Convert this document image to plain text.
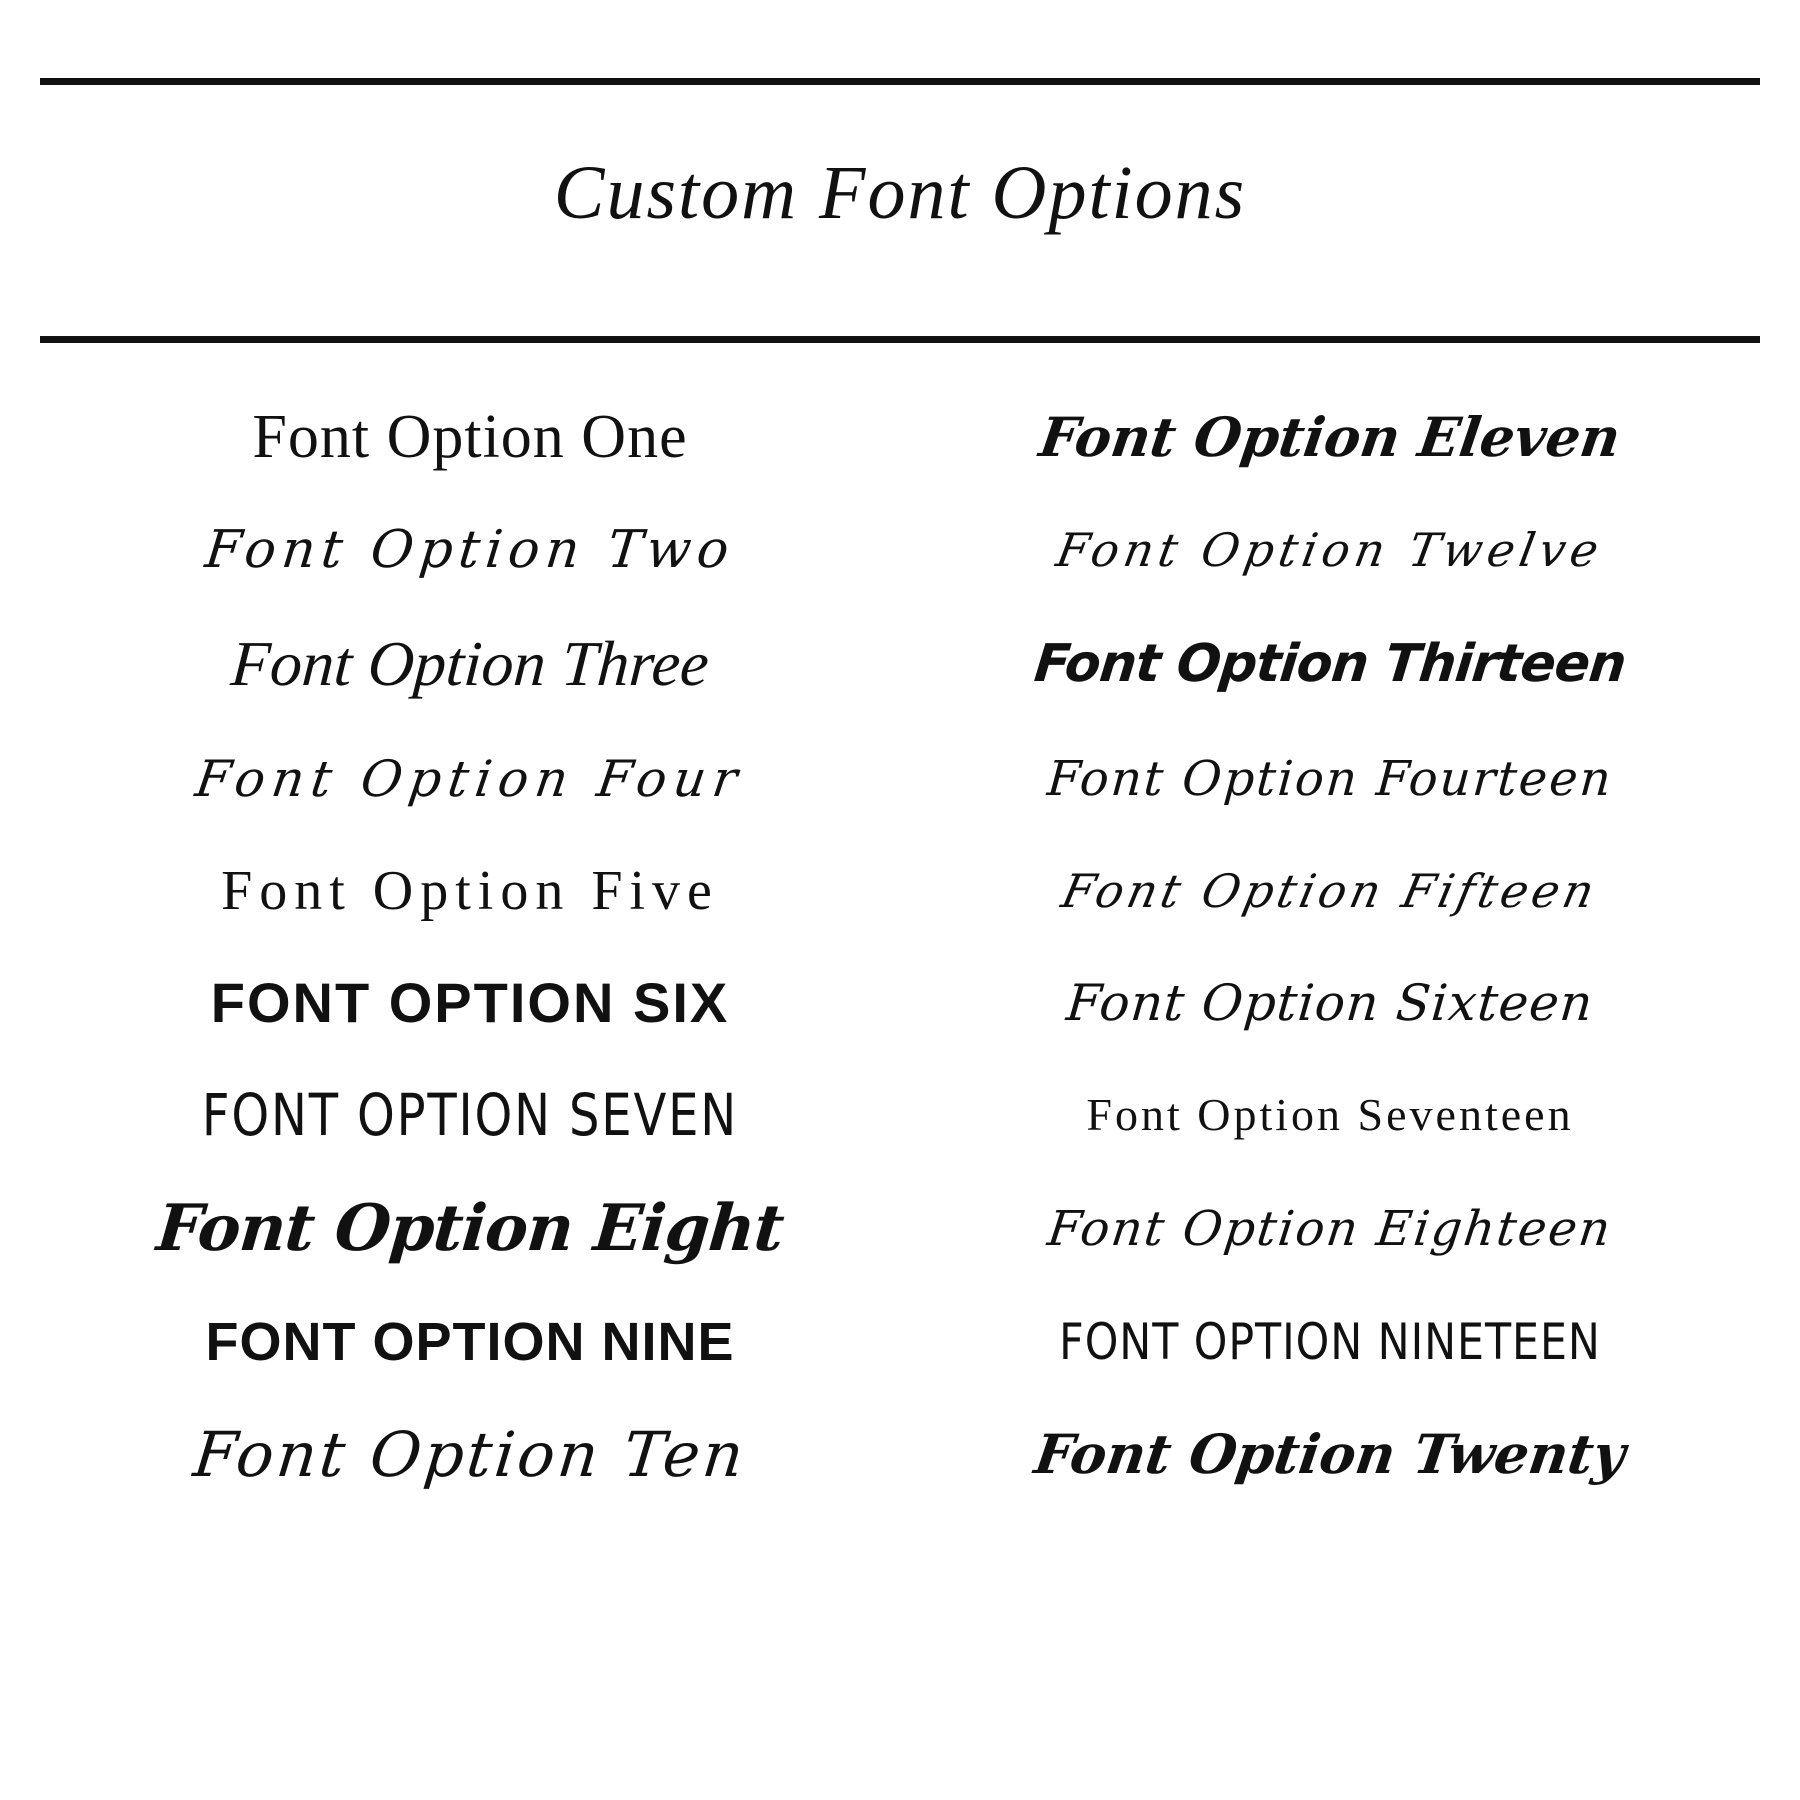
Custom Font Options
Font Option One
Font Option Two
Font Option Three
Font Option Four
Font Option Five
FONT OPTION SIX
FONT OPTION SEVEN
Font Option Eight
FONT OPTION NINE
Font Option Ten
Font Option Eleven
Font Option Twelve
Font Option Thirteen
Font Option Fourteen
Font Option Fifteen
Font Option Sixteen
Font Option Seventeen
Font Option Eighteen
FONT OPTION NINETEEN
Font Option Twenty
